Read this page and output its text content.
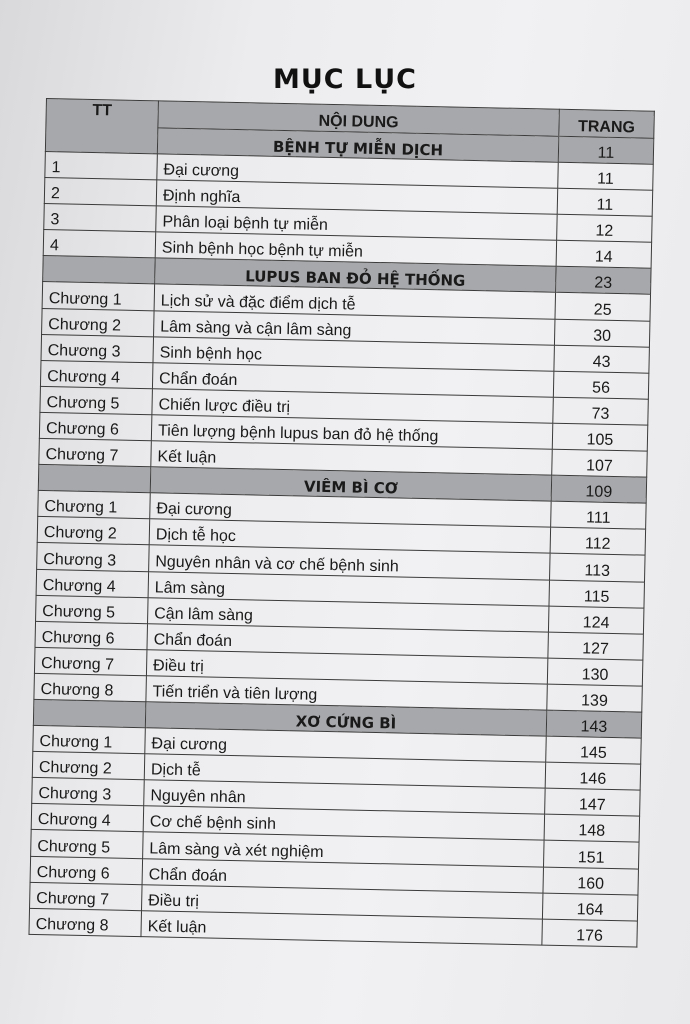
MỤC LỤC
TT	NỘI DUNG	TRANG
	BỆNH TỰ MIỄN DỊCH	11
1	Đại cương	11
2	Định nghĩa	11
3	Phân loại bệnh tự miễn	12
4	Sinh bệnh học bệnh tự miễn	14
	LUPUS BAN ĐỎ HỆ THỐNG	23
Chương 1	Lịch sử và đặc điểm dịch tễ	25
Chương 2	Lâm sàng và cận lâm sàng	30
Chương 3	Sinh bệnh học	43
Chương 4	Chẩn đoán	56
Chương 5	Chiến lược điều trị	73
Chương 6	Tiên lượng bệnh lupus ban đỏ hệ thống	105
Chương 7	Kết luận	107
	VIÊM BÌ CƠ	109
Chương 1	Đại cương	111
Chương 2	Dịch tễ học	112
Chương 3	Nguyên nhân và cơ chế bệnh sinh	113
Chương 4	Lâm sàng	115
Chương 5	Cận lâm sàng	124
Chương 6	Chẩn đoán	127
Chương 7	Điều trị	130
Chương 8	Tiến triển và tiên lượng	139
	XƠ CỨNG BÌ	143
Chương 1	Đại cương	145
Chương 2	Dịch tễ	146
Chương 3	Nguyên nhân	147
Chương 4	Cơ chế bệnh sinh	148
Chương 5	Lâm sàng và xét nghiệm	151
Chương 6	Chẩn đoán	160
Chương 7	Điều trị	164
Chương 8	Kết luận	176
